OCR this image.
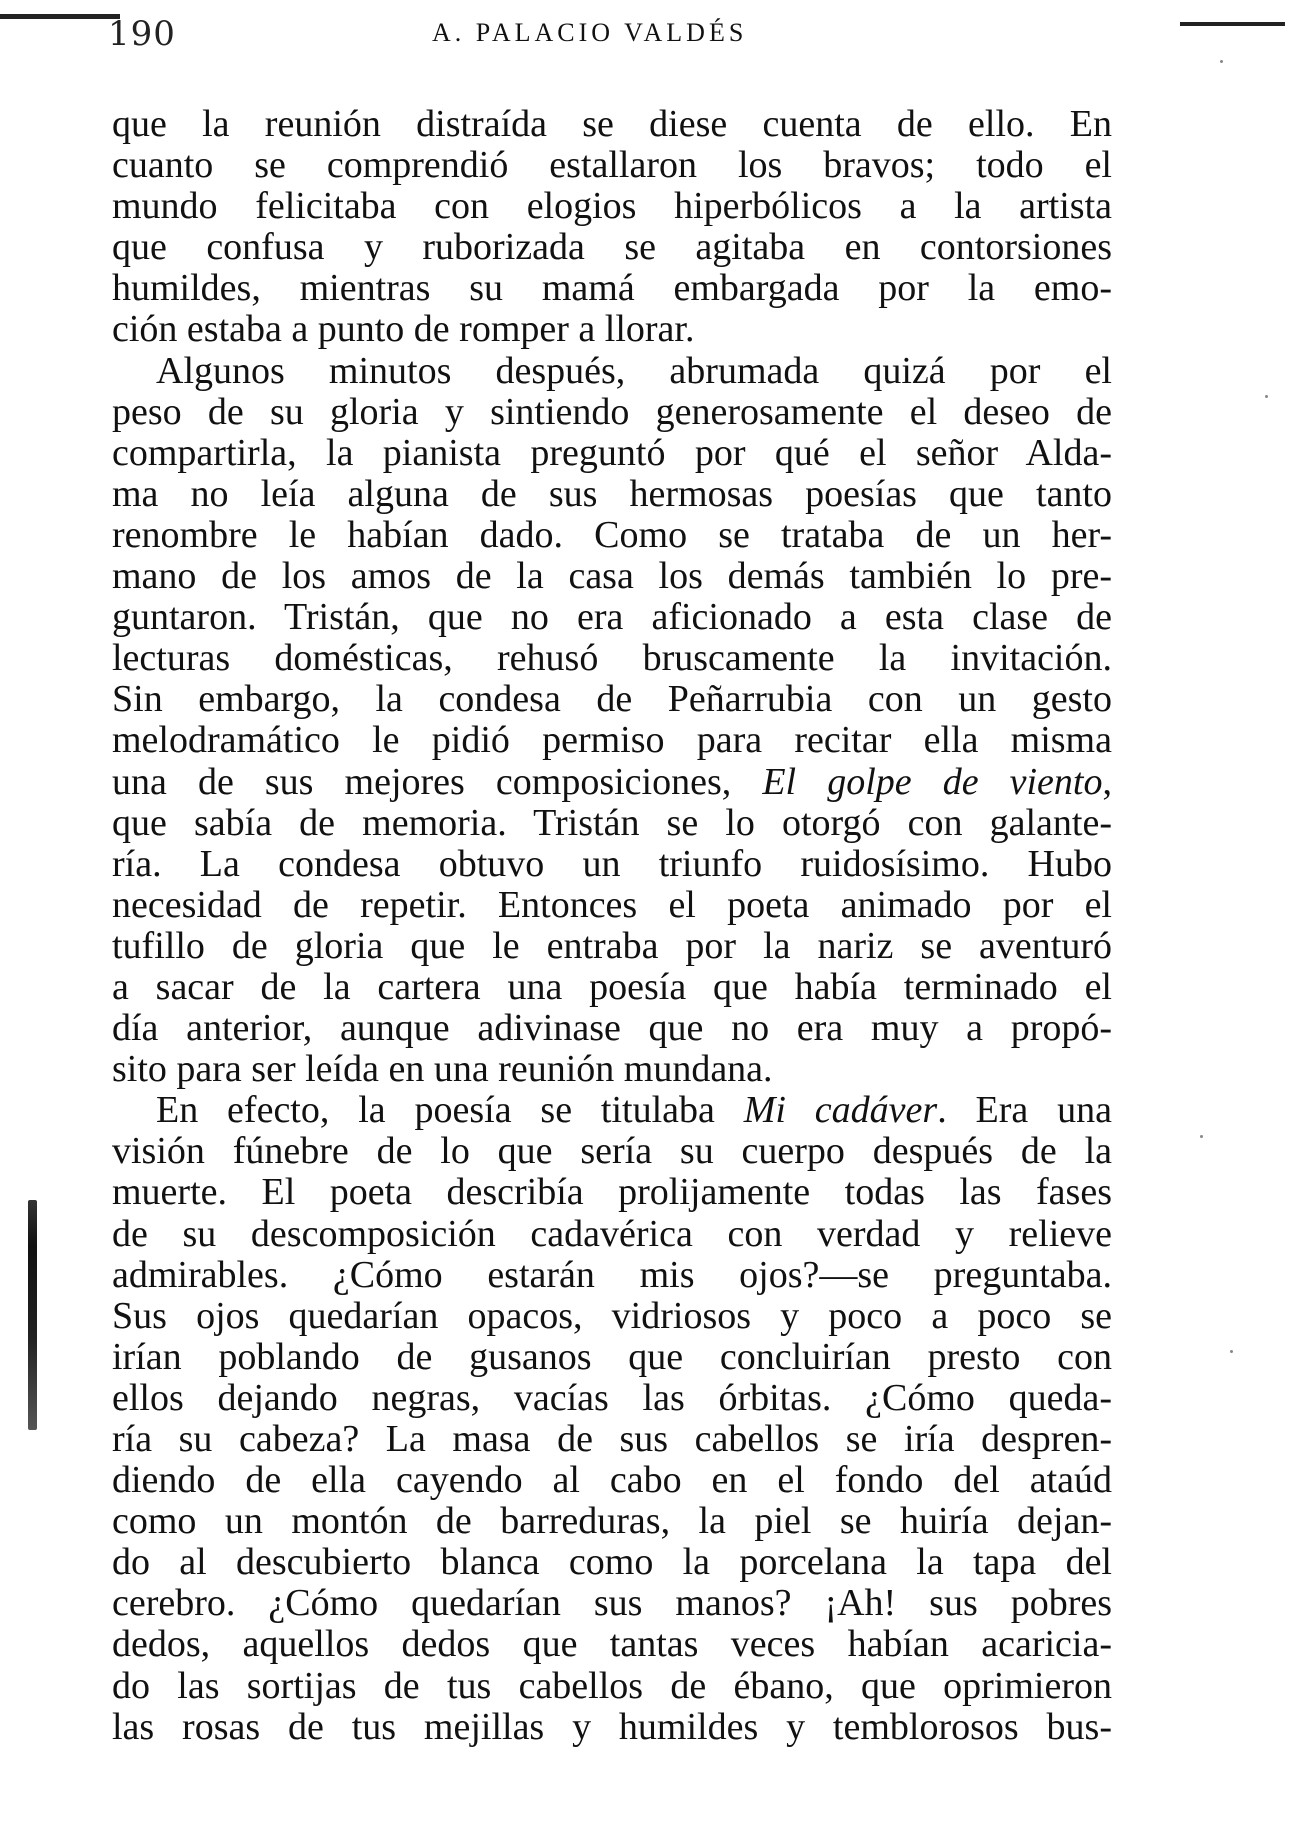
190	A. PALACIO VALDÉS
que la reunión distraída se diese cuenta de ello. En
cuanto se comprendió estallaron los bravos; todo el
mundo felicitaba con elogios hiperbólicos a la artista
que confusa y ruborizada se agitaba en contorsiones
humildes, mientras su mamá embargada por la emo-
ción estaba a punto de romper a llorar.
Algunos minutos después, abrumada quizá por el
peso de su gloria y sintiendo generosamente el deseo de
compartirla, la pianista preguntó por qué el señor Alda-
ma no leía alguna de sus hermosas poesías que tanto
renombre le habían dado. Como se trataba de un her-
mano de los amos de la casa los demás también lo pre-
guntaron. Tristán, que no era aficionado a esta clase de
lecturas domésticas, rehusó bruscamente la invitación.
Sin embargo, la condesa de Peñarrubia con un gesto
melodramático le pidió permiso para recitar ella misma
una de sus mejores composiciones, El golpe de viento,
que sabía de memoria. Tristán se lo otorgó con galante-
ría. La condesa obtuvo un triunfo ruidosísimo. Hubo
necesidad de repetir. Entonces el poeta animado por el
tufillo de gloria que le entraba por la nariz se aventuró
a sacar de la cartera una poesía que había terminado el
día anterior, aunque adivinase que no era muy a propó-
sito para ser leída en una reunión mundana.
En efecto, la poesía se titulaba Mi cadáver. Era una
visión fúnebre de lo que sería su cuerpo después de la
muerte. El poeta describía prolijamente todas las fases
de su descomposición cadavérica con verdad y relieve
admirables. ¿Cómo estarán mis ojos?—se preguntaba.
Sus ojos quedarían opacos, vidriosos y poco a poco se
irían poblando de gusanos que concluirían presto con
ellos dejando negras, vacías las órbitas. ¿Cómo queda-
ría su cabeza? La masa de sus cabellos se iría despren-
diendo de ella cayendo al cabo en el fondo del ataúd
como un montón de barreduras, la piel se huiría dejan-
do al descubierto blanca como la porcelana la tapa del
cerebro. ¿Cómo quedarían sus manos? ¡Ah! sus pobres
dedos, aquellos dedos que tantas veces habían acaricia-
do las sortijas de tus cabellos de ébano, que oprimieron
las rosas de tus mejillas y humildes y temblorosos bus-
